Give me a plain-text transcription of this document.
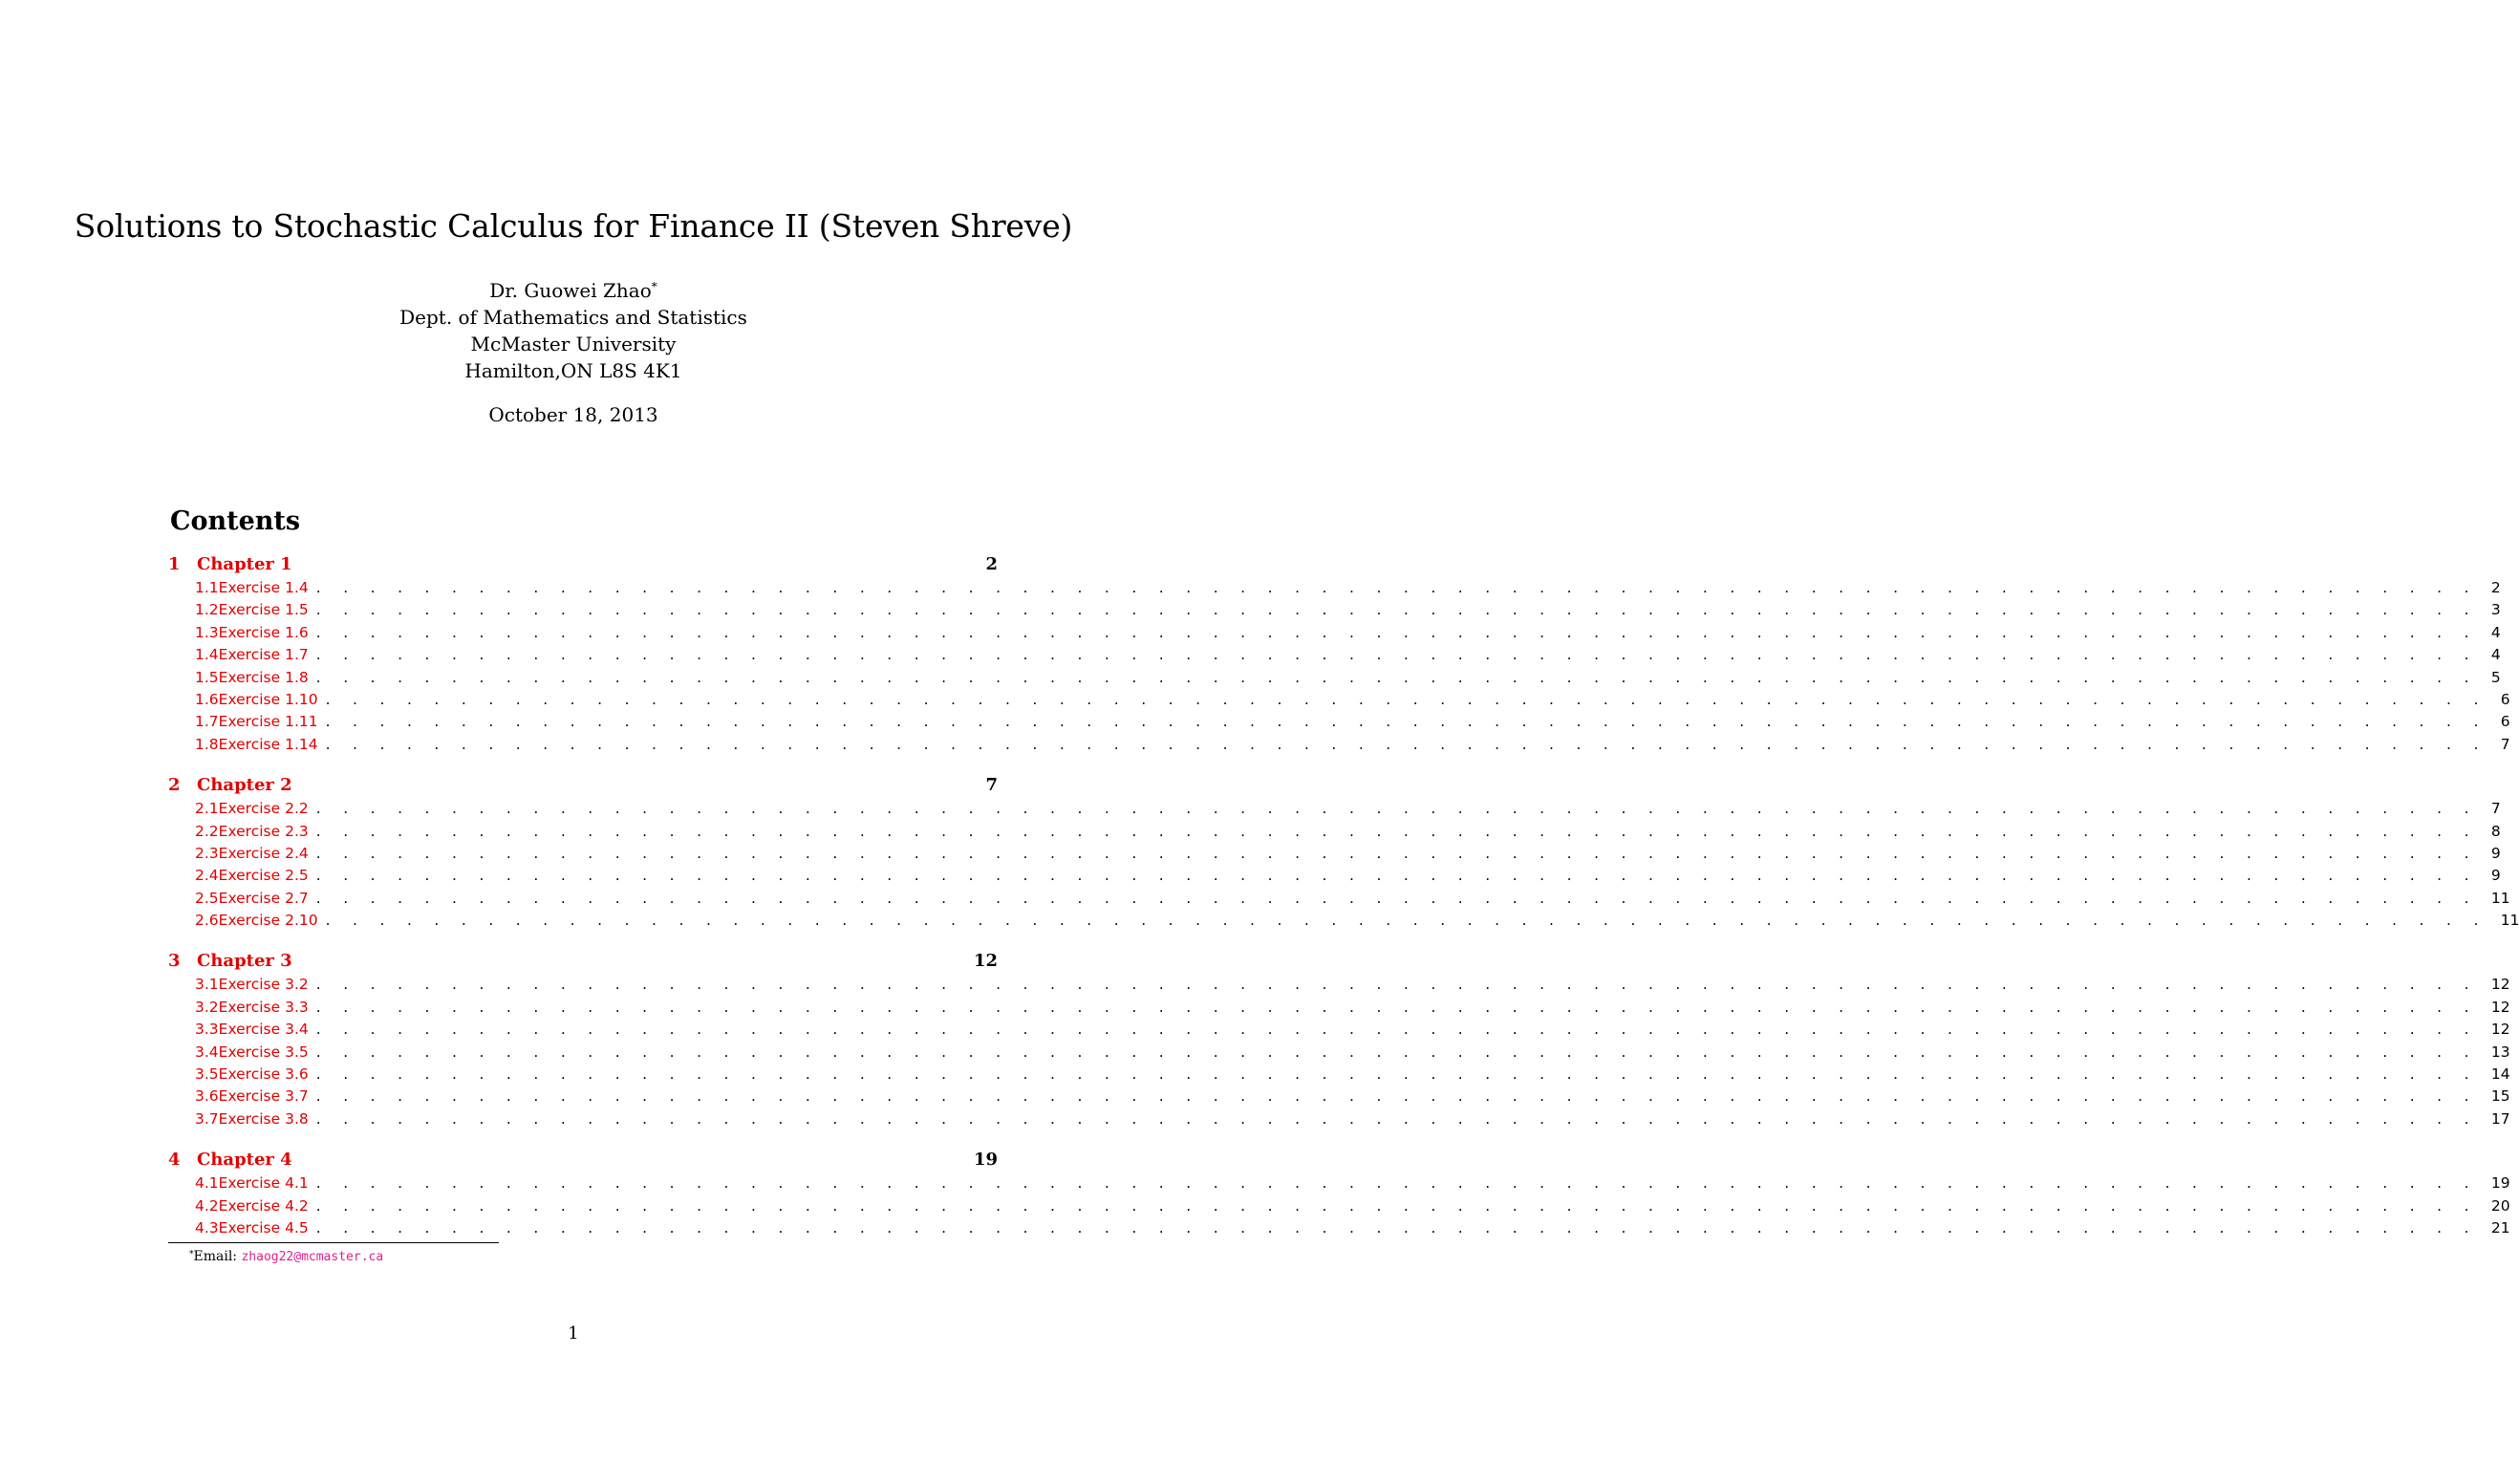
Solutions to Stochastic Calculus for Finance II (Steven Shreve)
Dr. Guowei Zhao*
Dept. of Mathematics and Statistics
McMaster University
Hamilton,ON L8S 4K1
October 18, 2013
Contents
1 Chapter 1	2
1.1 Exercise 1.4 . . . . . . . . . . . . . . . . . . . . . . . . . . . . . . . . . . . . . . . . . . . . . . . . . . . . . . . . . . . . . . . . . . . . . . . . . . . . . . . . 2
1.2 Exercise 1.5 . . . . . . . . . . . . . . . . . . . . . . . . . . . . . . . . . . . . . . . . . . . . . . . . . . . . . . . . . . . . . . . . . . . . . . . . . . . . . . . . 3
1.3 Exercise 1.6 . . . . . . . . . . . . . . . . . . . . . . . . . . . . . . . . . . . . . . . . . . . . . . . . . . . . . . . . . . . . . . . . . . . . . . . . . . . . . . . . 4
1.4 Exercise 1.7 . . . . . . . . . . . . . . . . . . . . . . . . . . . . . . . . . . . . . . . . . . . . . . . . . . . . . . . . . . . . . . . . . . . . . . . . . . . . . . . . 4
1.5 Exercise 1.8 . . . . . . . . . . . . . . . . . . . . . . . . . . . . . . . . . . . . . . . . . . . . . . . . . . . . . . . . . . . . . . . . . . . . . . . . . . . . . . . . 5
1.6 Exercise 1.10 . . . . . . . . . . . . . . . . . . . . . . . . . . . . . . . . . . . . . . . . . . . . . . . . . . . . . . . . . . . . . . . . . . . . . . . . . . . . . . . . 6
1.7 Exercise 1.11 . . . . . . . . . . . . . . . . . . . . . . . . . . . . . . . . . . . . . . . . . . . . . . . . . . . . . . . . . . . . . . . . . . . . . . . . . . . . . . . . 6
1.8 Exercise 1.14 . . . . . . . . . . . . . . . . . . . . . . . . . . . . . . . . . . . . . . . . . . . . . . . . . . . . . . . . . . . . . . . . . . . . . . . . . . . . . . . . 7
2 Chapter 2	7
2.1 Exercise 2.2 . . . . . . . . . . . . . . . . . . . . . . . . . . . . . . . . . . . . . . . . . . . . . . . . . . . . . . . . . . . . . . . . . . . . . . . . . . . . . . . . 7
2.2 Exercise 2.3 . . . . . . . . . . . . . . . . . . . . . . . . . . . . . . . . . . . . . . . . . . . . . . . . . . . . . . . . . . . . . . . . . . . . . . . . . . . . . . . . 8
2.3 Exercise 2.4 . . . . . . . . . . . . . . . . . . . . . . . . . . . . . . . . . . . . . . . . . . . . . . . . . . . . . . . . . . . . . . . . . . . . . . . . . . . . . . . . 9
2.4 Exercise 2.5 . . . . . . . . . . . . . . . . . . . . . . . . . . . . . . . . . . . . . . . . . . . . . . . . . . . . . . . . . . . . . . . . . . . . . . . . . . . . . . . . 9
2.5 Exercise 2.7 . . . . . . . . . . . . . . . . . . . . . . . . . . . . . . . . . . . . . . . . . . . . . . . . . . . . . . . . . . . . . . . . . . . . . . . . . . . . . . . . 11
2.6 Exercise 2.10 . . . . . . . . . . . . . . . . . . . . . . . . . . . . . . . . . . . . . . . . . . . . . . . . . . . . . . . . . . . . . . . . . . . . . . . . . . . . . . . . 11
3 Chapter 3	12
3.1 Exercise 3.2 . . . . . . . . . . . . . . . . . . . . . . . . . . . . . . . . . . . . . . . . . . . . . . . . . . . . . . . . . . . . . . . . . . . . . . . . . . . . . . . . 12
3.2 Exercise 3.3 . . . . . . . . . . . . . . . . . . . . . . . . . . . . . . . . . . . . . . . . . . . . . . . . . . . . . . . . . . . . . . . . . . . . . . . . . . . . . . . . 12
3.3 Exercise 3.4 . . . . . . . . . . . . . . . . . . . . . . . . . . . . . . . . . . . . . . . . . . . . . . . . . . . . . . . . . . . . . . . . . . . . . . . . . . . . . . . . 12
3.4 Exercise 3.5 . . . . . . . . . . . . . . . . . . . . . . . . . . . . . . . . . . . . . . . . . . . . . . . . . . . . . . . . . . . . . . . . . . . . . . . . . . . . . . . . 13
3.5 Exercise 3.6 . . . . . . . . . . . . . . . . . . . . . . . . . . . . . . . . . . . . . . . . . . . . . . . . . . . . . . . . . . . . . . . . . . . . . . . . . . . . . . . . 14
3.6 Exercise 3.7 . . . . . . . . . . . . . . . . . . . . . . . . . . . . . . . . . . . . . . . . . . . . . . . . . . . . . . . . . . . . . . . . . . . . . . . . . . . . . . . . 15
3.7 Exercise 3.8 . . . . . . . . . . . . . . . . . . . . . . . . . . . . . . . . . . . . . . . . . . . . . . . . . . . . . . . . . . . . . . . . . . . . . . . . . . . . . . . . 17
4 Chapter 4	19
4.1 Exercise 4.1 . . . . . . . . . . . . . . . . . . . . . . . . . . . . . . . . . . . . . . . . . . . . . . . . . . . . . . . . . . . . . . . . . . . . . . . . . . . . . . . . 19
4.2 Exercise 4.2 . . . . . . . . . . . . . . . . . . . . . . . . . . . . . . . . . . . . . . . . . . . . . . . . . . . . . . . . . . . . . . . . . . . . . . . . . . . . . . . . 20
4.3 Exercise 4.5 . . . . . . . . . . . . . . . . . . . . . . . . . . . . . . . . . . . . . . . . . . . . . . . . . . . . . . . . . . . . . . . . . . . . . . . . . . . . . . . . 21
*Email: zhaog22@mcmaster.ca
1
